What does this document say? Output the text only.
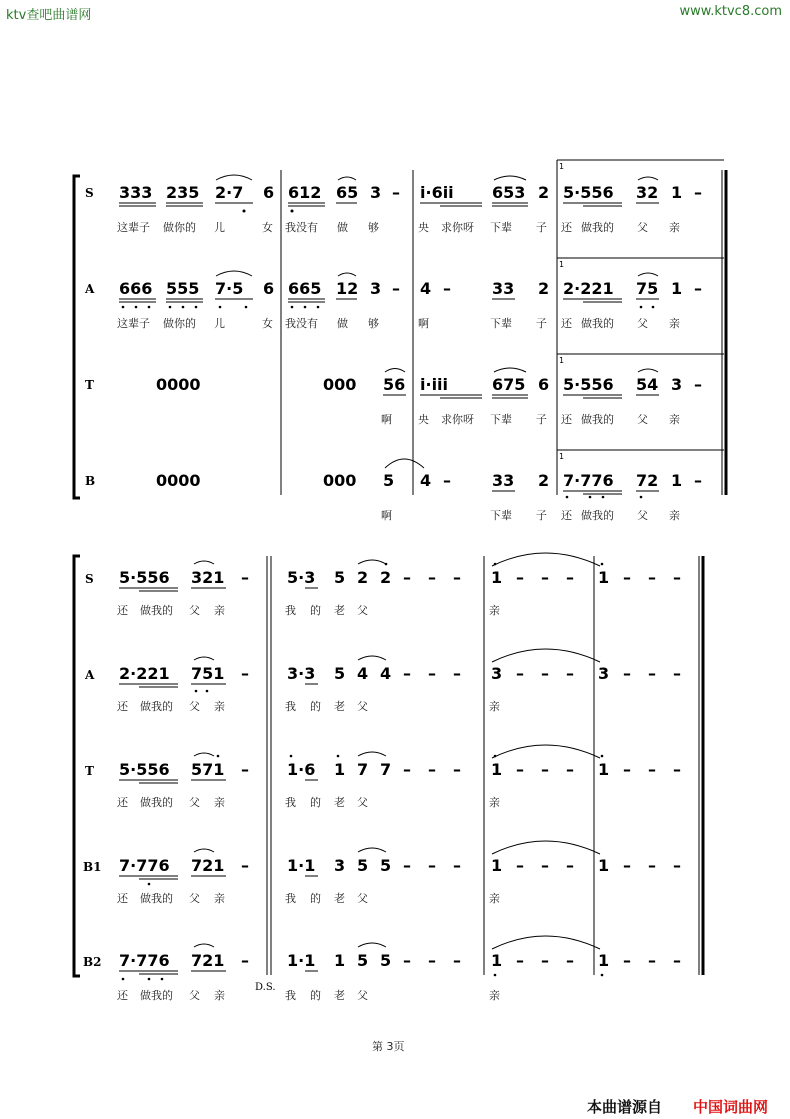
ktv查吧曲谱网	www.ktvc8.com
1
1
1
1
S 333 235 2·7 6 612 65 3 – i·6ii 653 2 5·556 32 1 –
这辈子 做你的 儿	女 我没有 做 够	央 求你呀 下辈 子 还 做我的 父 亲
A 666 555 7·5 6 665 12 3 – 4 –	33 2 2·221 75 1 –
这辈子 做你的 儿	女 我没有 做 够	啊	下辈 子 还 做我的 父 亲
T	0000	000 56 i·iii	675 6 5·556 54 3 –
啊 央 求你呀 下辈 子 还 做我的 父 亲
B	0000	000 5 4 –	33 2 7·776 72 1 –
啊	下辈 子 还 做我的 父 亲
S 5·556 321 – 5·3 5 2 2 – – – 1 – – – 1 – – –
还 做我的 父 亲	我 的 老 父	亲
A 2·221 751 – 3·3 5 4 4 – – – 3 – – – 3 – – –
还 做我的 父 亲	我 的 老 父	亲
T 5·556 571 – 1·6 1 7 7 – – – 1 – – – 1 – – –
还 做我的 父 亲	我 的 老 父	亲
B1 7·776 721 – 1·1 3 5 5 – – – 1 – – – 1 – – –
还 做我的 父 亲	我 的 老 父	亲
B2 7·776 721 – 1·1 1 5 5 – – – 1 – – – 1 – – –
D.S.
还 做我的 父 亲	我 的 老 父	亲
第 3页
本曲谱源自 中国词曲网
